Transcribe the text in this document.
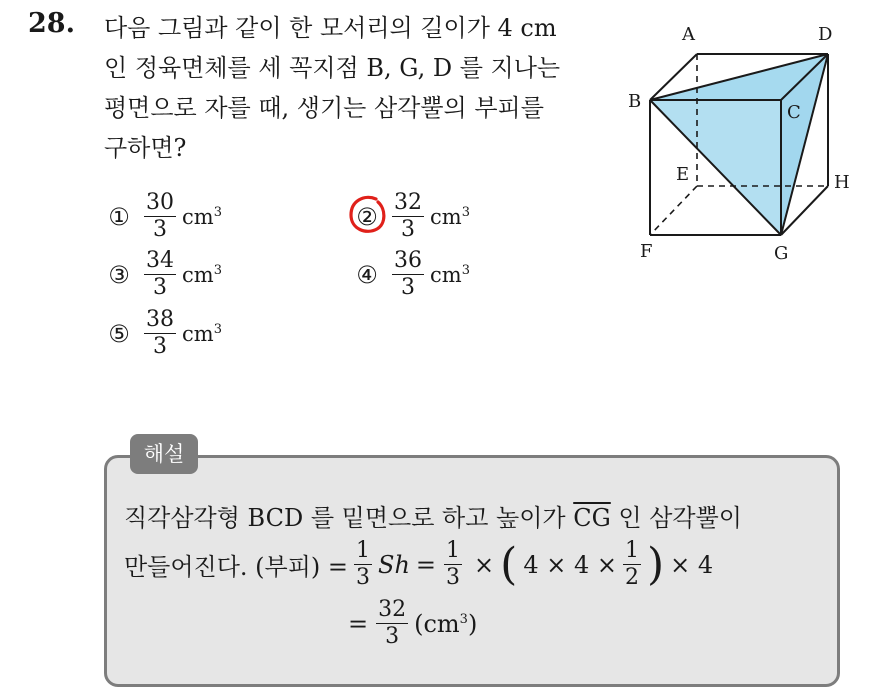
28. 다음 그림과 같이 한 모서리의 길이가 4 cm
인 정육면체를 세 꼭지점 B, G, D 를 지나는
평면으로 자를 때, 생기는 삼각뿔의 부피를
구하면?
① $\frac{30}{3} cm^3$	② $\frac{32}{3} cm^3$
③ $\frac{34}{3} cm^3$	④ $\frac{36}{3} cm^3$
⑤ $\frac{38}{3} cm^3$
A	D
B
C
E	H
F	G
해설
직각삼각형 BCD 를 밑면으로 하고 높이가 $\overline{CG}$ 인 삼각뿔이
만들어진다. (부피) = $\frac{1}{3}$ $Sh = \frac{1}{3}$ × ( $4 \times 4 \times \frac{1}{2}$ ) × 4
= $\frac{32}{3} (cm^3)$
